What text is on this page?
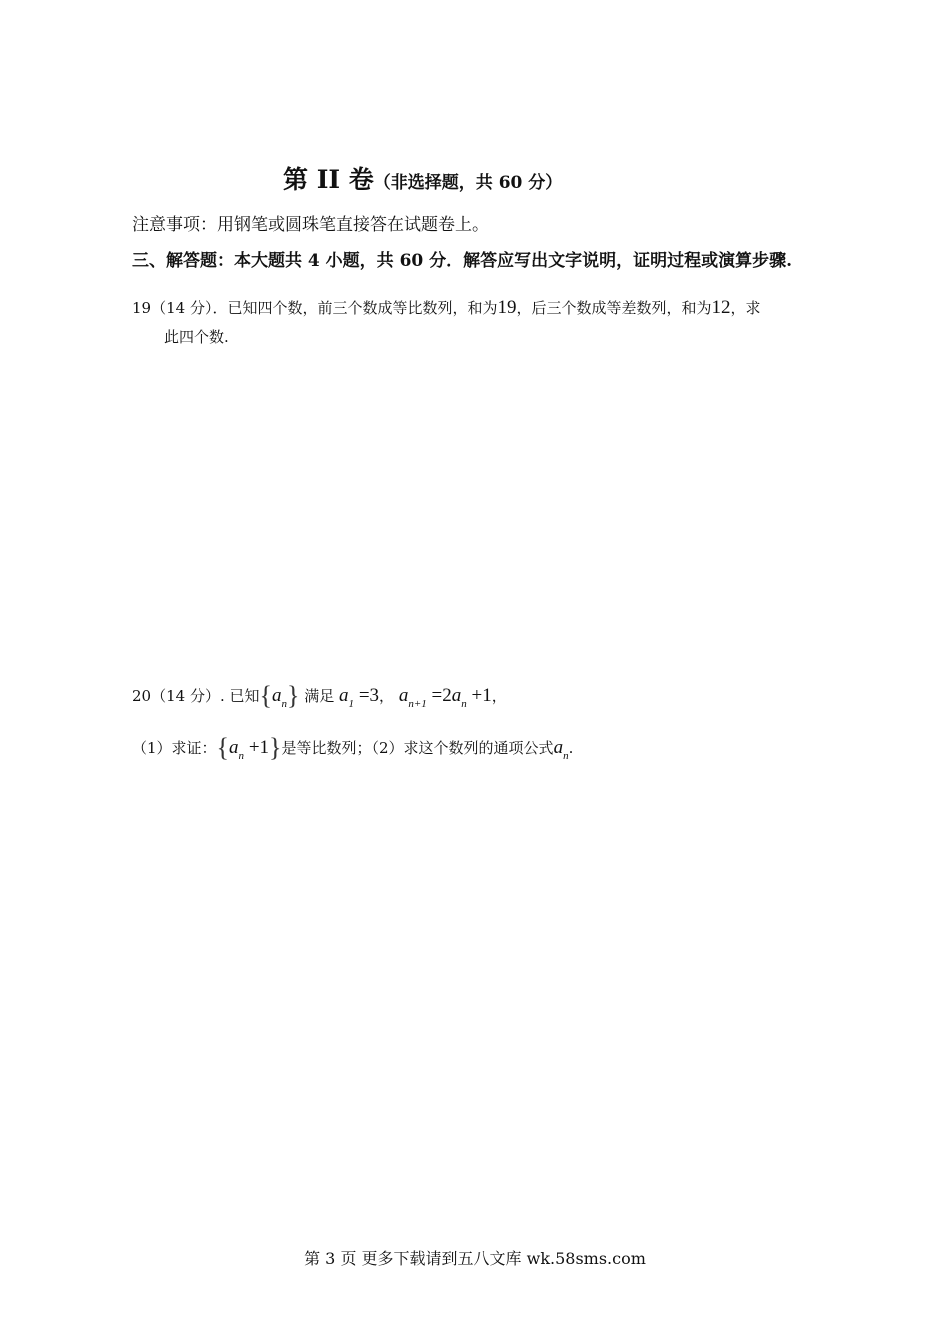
第 II 卷（非选择题，共 60 分）
注意事项：用钢笔或圆珠笔直接答在试题卷上。
三、解答题：本大题共 4 小题，共 60 分．解答应写出文字说明，证明过程或演算步骤.
19（14 分）．已知四个数，前三个数成等比数列，和为19，后三个数成等差数列，和为12，求
此四个数.
20（14 分）. 已知$\{a_n\}$ 满足 $a_1 =3$， $a_{n+1} =2a_n +1$，
（1）求证：$\{a_n +1\}$是等比数列；（2）求这个数列的通项公式$a_n$.
第 3 页 更多下载请到五八文库 wk.58sms.com
